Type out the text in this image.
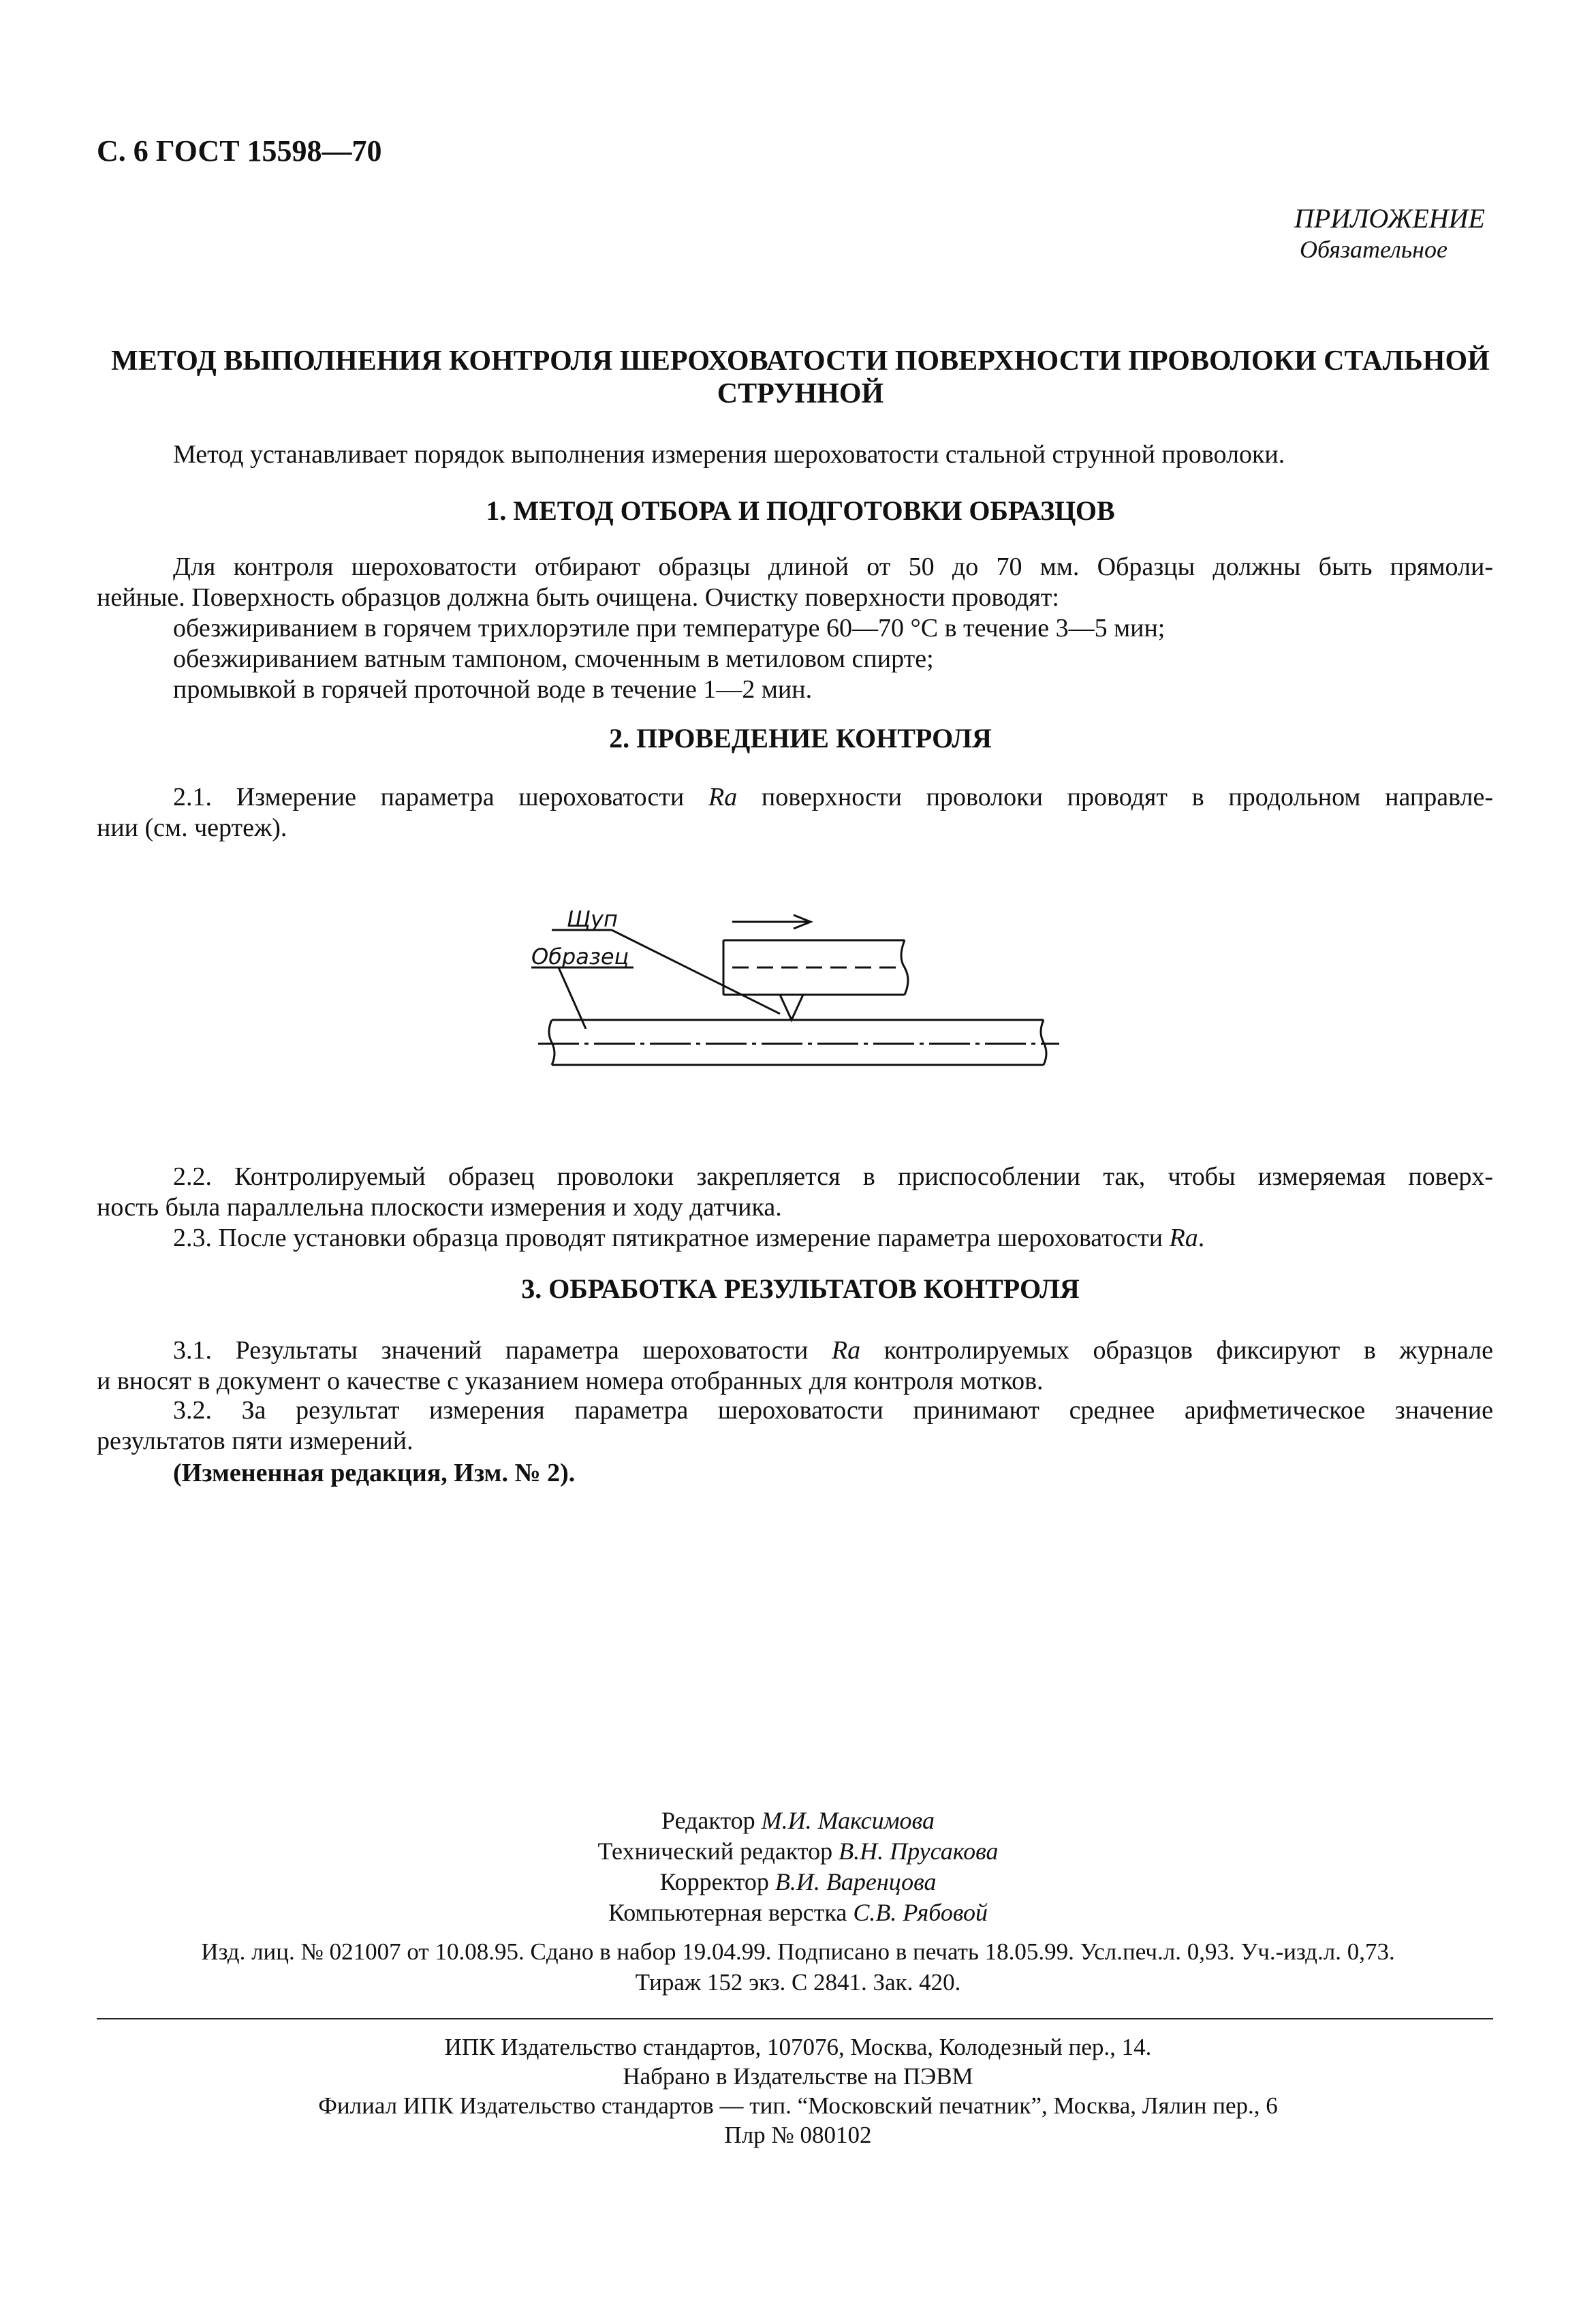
С. 6 ГОСТ 15598—70
ПРИЛОЖЕНИЕ
Обязательное
МЕТОД ВЫПОЛНЕНИЯ КОНТРОЛЯ ШЕРОХОВАТОСТИ ПОВЕРХНОСТИ ПРОВОЛОКИ СТАЛЬНОЙ
СТРУННОЙ
Метод устанавливает порядок выполнения измерения шероховатости стальной струнной проволоки.
1. МЕТОД ОТБОРА И ПОДГОТОВКИ ОБРАЗЦОВ
Для контроля шероховатости отбирают образцы длиной от 50 до 70 мм. Образцы должны быть прямоли-
нейные. Поверхность образцов должна быть очищена. Очистку поверхности проводят:
обезжириванием в горячем трихлорэтиле при температуре 60—70 °С в течение 3—5 мин;
обезжириванием ватным тампоном, смоченным в метиловом спирте;
промывкой в горячей проточной воде в течение 1—2 мин.
2. ПРОВЕДЕНИЕ КОНТРОЛЯ
2.1. Измерение параметра шероховатости Ra поверхности проволоки проводят в продольном направле-
нии (см. чертеж).
Щуп
Образец
2.2. Контролируемый образец проволоки закрепляется в приспособлении так, чтобы измеряемая поверх-
ность была параллельна плоскости измерения и ходу датчика.
2.3. После установки образца проводят пятикратное измерение параметра шероховатости Ra.
3. ОБРАБОТКА РЕЗУЛЬТАТОВ КОНТРОЛЯ
3.1. Результаты значений параметра шероховатости Ra контролируемых образцов фиксируют в журнале
и вносят в документ о качестве с указанием номера отобранных для контроля мотков.
3.2. За результат измерения параметра шероховатости принимают среднее арифметическое значение
результатов пяти измерений.
(Измененная редакция, Изм. № 2).
Редактор М.И. Максимова
Технический редактор В.Н. Прусакова
Корректор В.И. Варенцова
Компьютерная верстка С.В. Рябовой
Изд. лиц. № 021007 от 10.08.95. Сдано в набор 19.04.99. Подписано в печать 18.05.99. Усл.печ.л. 0,93. Уч.-изд.л. 0,73.
Тираж 152 экз. С 2841. Зак. 420.
ИПК Издательство стандартов, 107076, Москва, Колодезный пер., 14.
Набрано в Издательстве на ПЭВМ
Филиал ИПК Издательство стандартов — тип. “Московский печатник”, Москва, Лялин пер., 6
Плр № 080102
